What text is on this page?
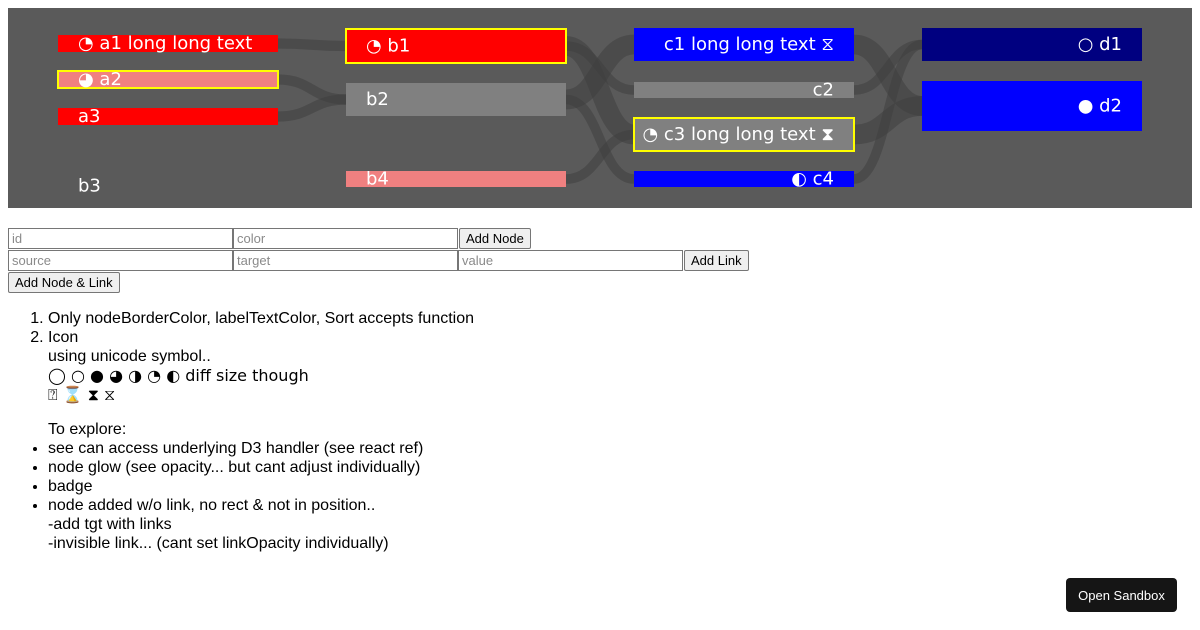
◔ a1 long long text
◕ a2
a3
b3
◔ b1
b2
b4
c1 long long text ⧖
c2
◔ c3 long long text ⧗
◐ c4
○ d1
● d2
id
color
Add Node
source
target
value
Add Link
Add Node & Link
1. Only nodeBorderColor, labelTextColor, Sort accepts function
2. Icon
using unicode symbol..
◯ ○ ● ◕ ◑ ◔ ◐ diff size though
⍰ ⌛ ⧗ ⧖
To explore:
• see can access underlying D3 handler (see react ref)
• node glow (see opacity... but cant adjust individually)
• badge
• node added w/o link, no rect & not in position..
-add tgt with links
-invisible link... (cant set linkOpacity individually)
Open Sandbox
